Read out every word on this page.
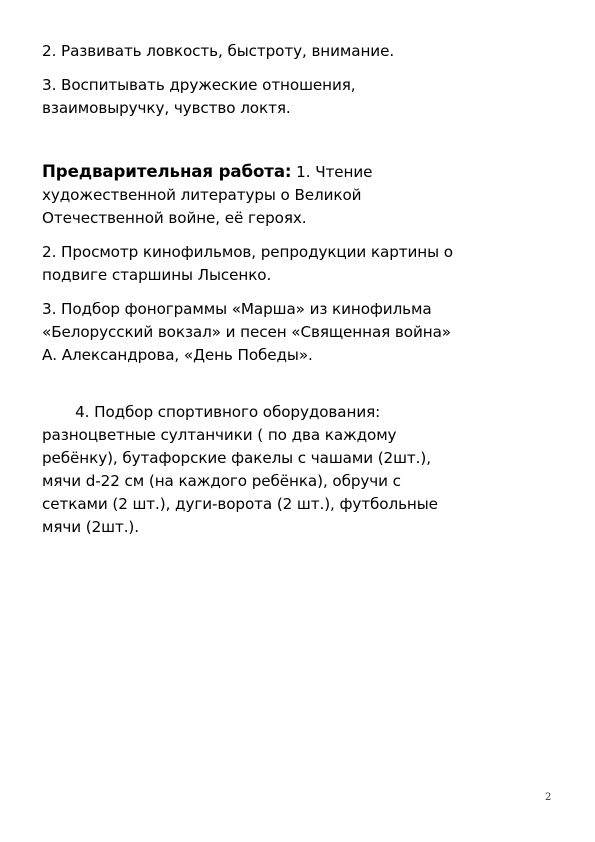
2. Развивать ловкость, быстроту, внимание.

3. Воспитывать дружеские отношения,
взаимовыручку, чувство локтя.

Предварительная работа: 1. Чтение
художественной литературы о Великой
Отечественной войне, её героях.

2. Просмотр кинофильмов, репродукции картины о
подвиге старшины Лысенко.

3. Подбор фонограммы «Марша» из кинофильма
«Белорусский вокзал» и песен «Священная война»
А. Александрова, «День Победы».

4. Подбор спортивного оборудования:
разноцветные султанчики ( по два каждому
ребёнку), бутафорские факелы с чашами (2шт.),
мячи d-22 см (на каждого ребёнка), обручи с
сетками (2 шт.), дуги-ворота (2 шт.), футбольные
мячи (2шт.).

2
